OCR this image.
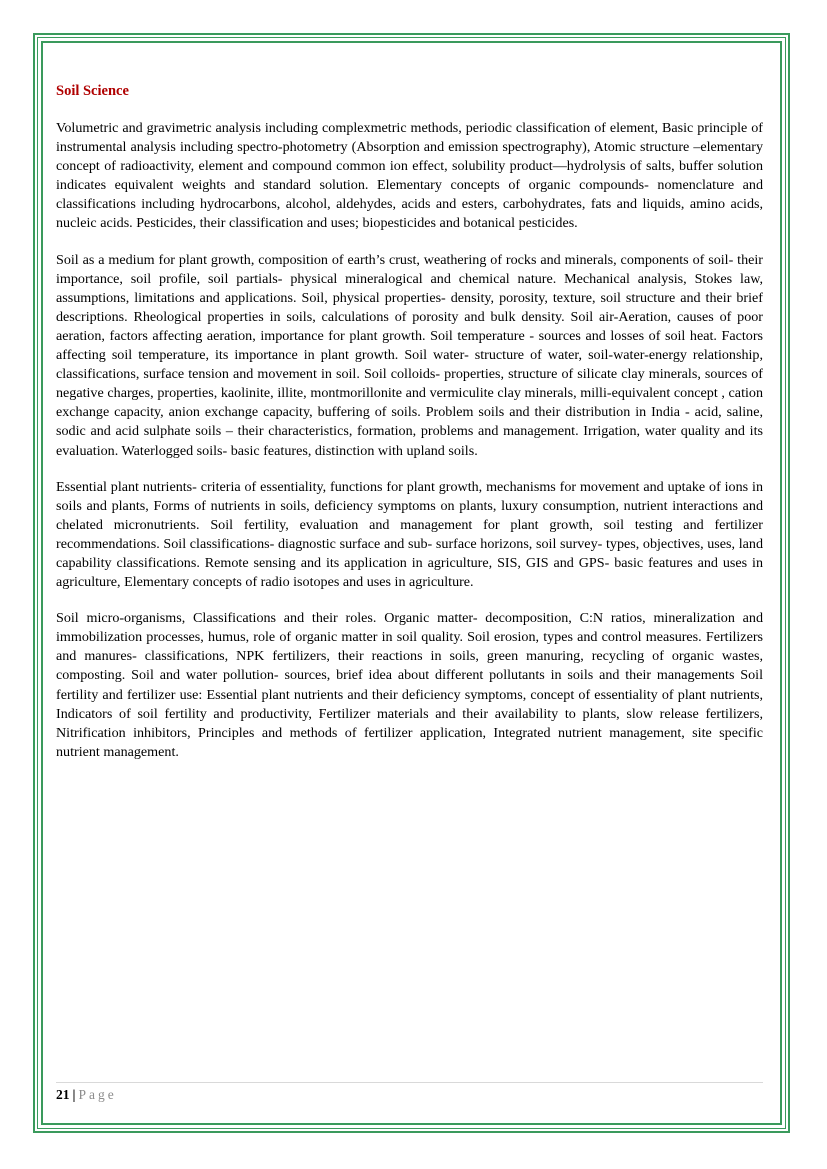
Soil Science

Volumetric and gravimetric analysis including complexmetric methods, periodic classification of element, Basic principle of instrumental analysis including spectro-photometry (Absorption and emission spectrography), Atomic structure –elementary concept of radioactivity, element and compound common ion effect, solubility product—hydrolysis of salts, buffer solution indicates equivalent weights and standard solution. Elementary concepts of organic compounds- nomenclature and classifications including hydrocarbons, alcohol, aldehydes, acids and esters, carbohydrates, fats and liquids, amino acids, nucleic acids. Pesticides, their classification and uses; biopesticides and botanical pesticides.

Soil as a medium for plant growth, composition of earth’s crust, weathering of rocks and minerals, components of soil- their importance, soil profile, soil partials- physical mineralogical and chemical nature. Mechanical analysis, Stokes law, assumptions, limitations and applications. Soil, physical properties- density, porosity, texture, soil structure and their brief descriptions. Rheological properties in soils, calculations of porosity and bulk density. Soil air-Aeration, causes of poor aeration, factors affecting aeration, importance for plant growth. Soil temperature - sources and losses of soil heat. Factors affecting soil temperature, its importance in plant growth. Soil water- structure of water, soil-water-energy relationship, classifications, surface tension and movement in soil. Soil colloids- properties, structure of silicate clay minerals, sources of negative charges, properties, kaolinite, illite, montmorillonite and vermiculite clay minerals, milli-equivalent concept , cation exchange capacity, anion exchange capacity, buffering of soils. Problem soils and their distribution in India - acid, saline, sodic and acid sulphate soils – their characteristics, formation, problems and management. Irrigation, water quality and its evaluation. Waterlogged soils- basic features, distinction with upland soils.

Essential plant nutrients- criteria of essentiality, functions for plant growth, mechanisms for movement and uptake of ions in soils and plants, Forms of nutrients in soils, deficiency symptoms on plants, luxury consumption, nutrient interactions and chelated micronutrients. Soil fertility, evaluation and management for plant growth, soil testing and fertilizer recommendations. Soil classifications- diagnostic surface and sub- surface horizons, soil survey- types, objectives, uses, land capability classifications. Remote sensing and its application in agriculture, SIS, GIS and GPS- basic features and uses in agriculture, Elementary concepts of radio isotopes and uses in agriculture.

Soil micro-organisms, Classifications and their roles. Organic matter- decomposition, C:N ratios, mineralization and immobilization processes, humus, role of organic matter in soil quality. Soil erosion, types and control measures. Fertilizers and manures- classifications, NPK fertilizers, their reactions in soils, green manuring, recycling of organic wastes, composting. Soil and water pollution- sources, brief idea about different pollutants in soils and their managements Soil fertility and fertilizer use: Essential plant nutrients and their deficiency symptoms, concept of essentiality of plant nutrients, Indicators of soil fertility and productivity, Fertilizer materials and their availability to plants, slow release fertilizers, Nitrification inhibitors, Principles and methods of fertilizer application, Integrated nutrient management, site specific nutrient management.

21 | Page
